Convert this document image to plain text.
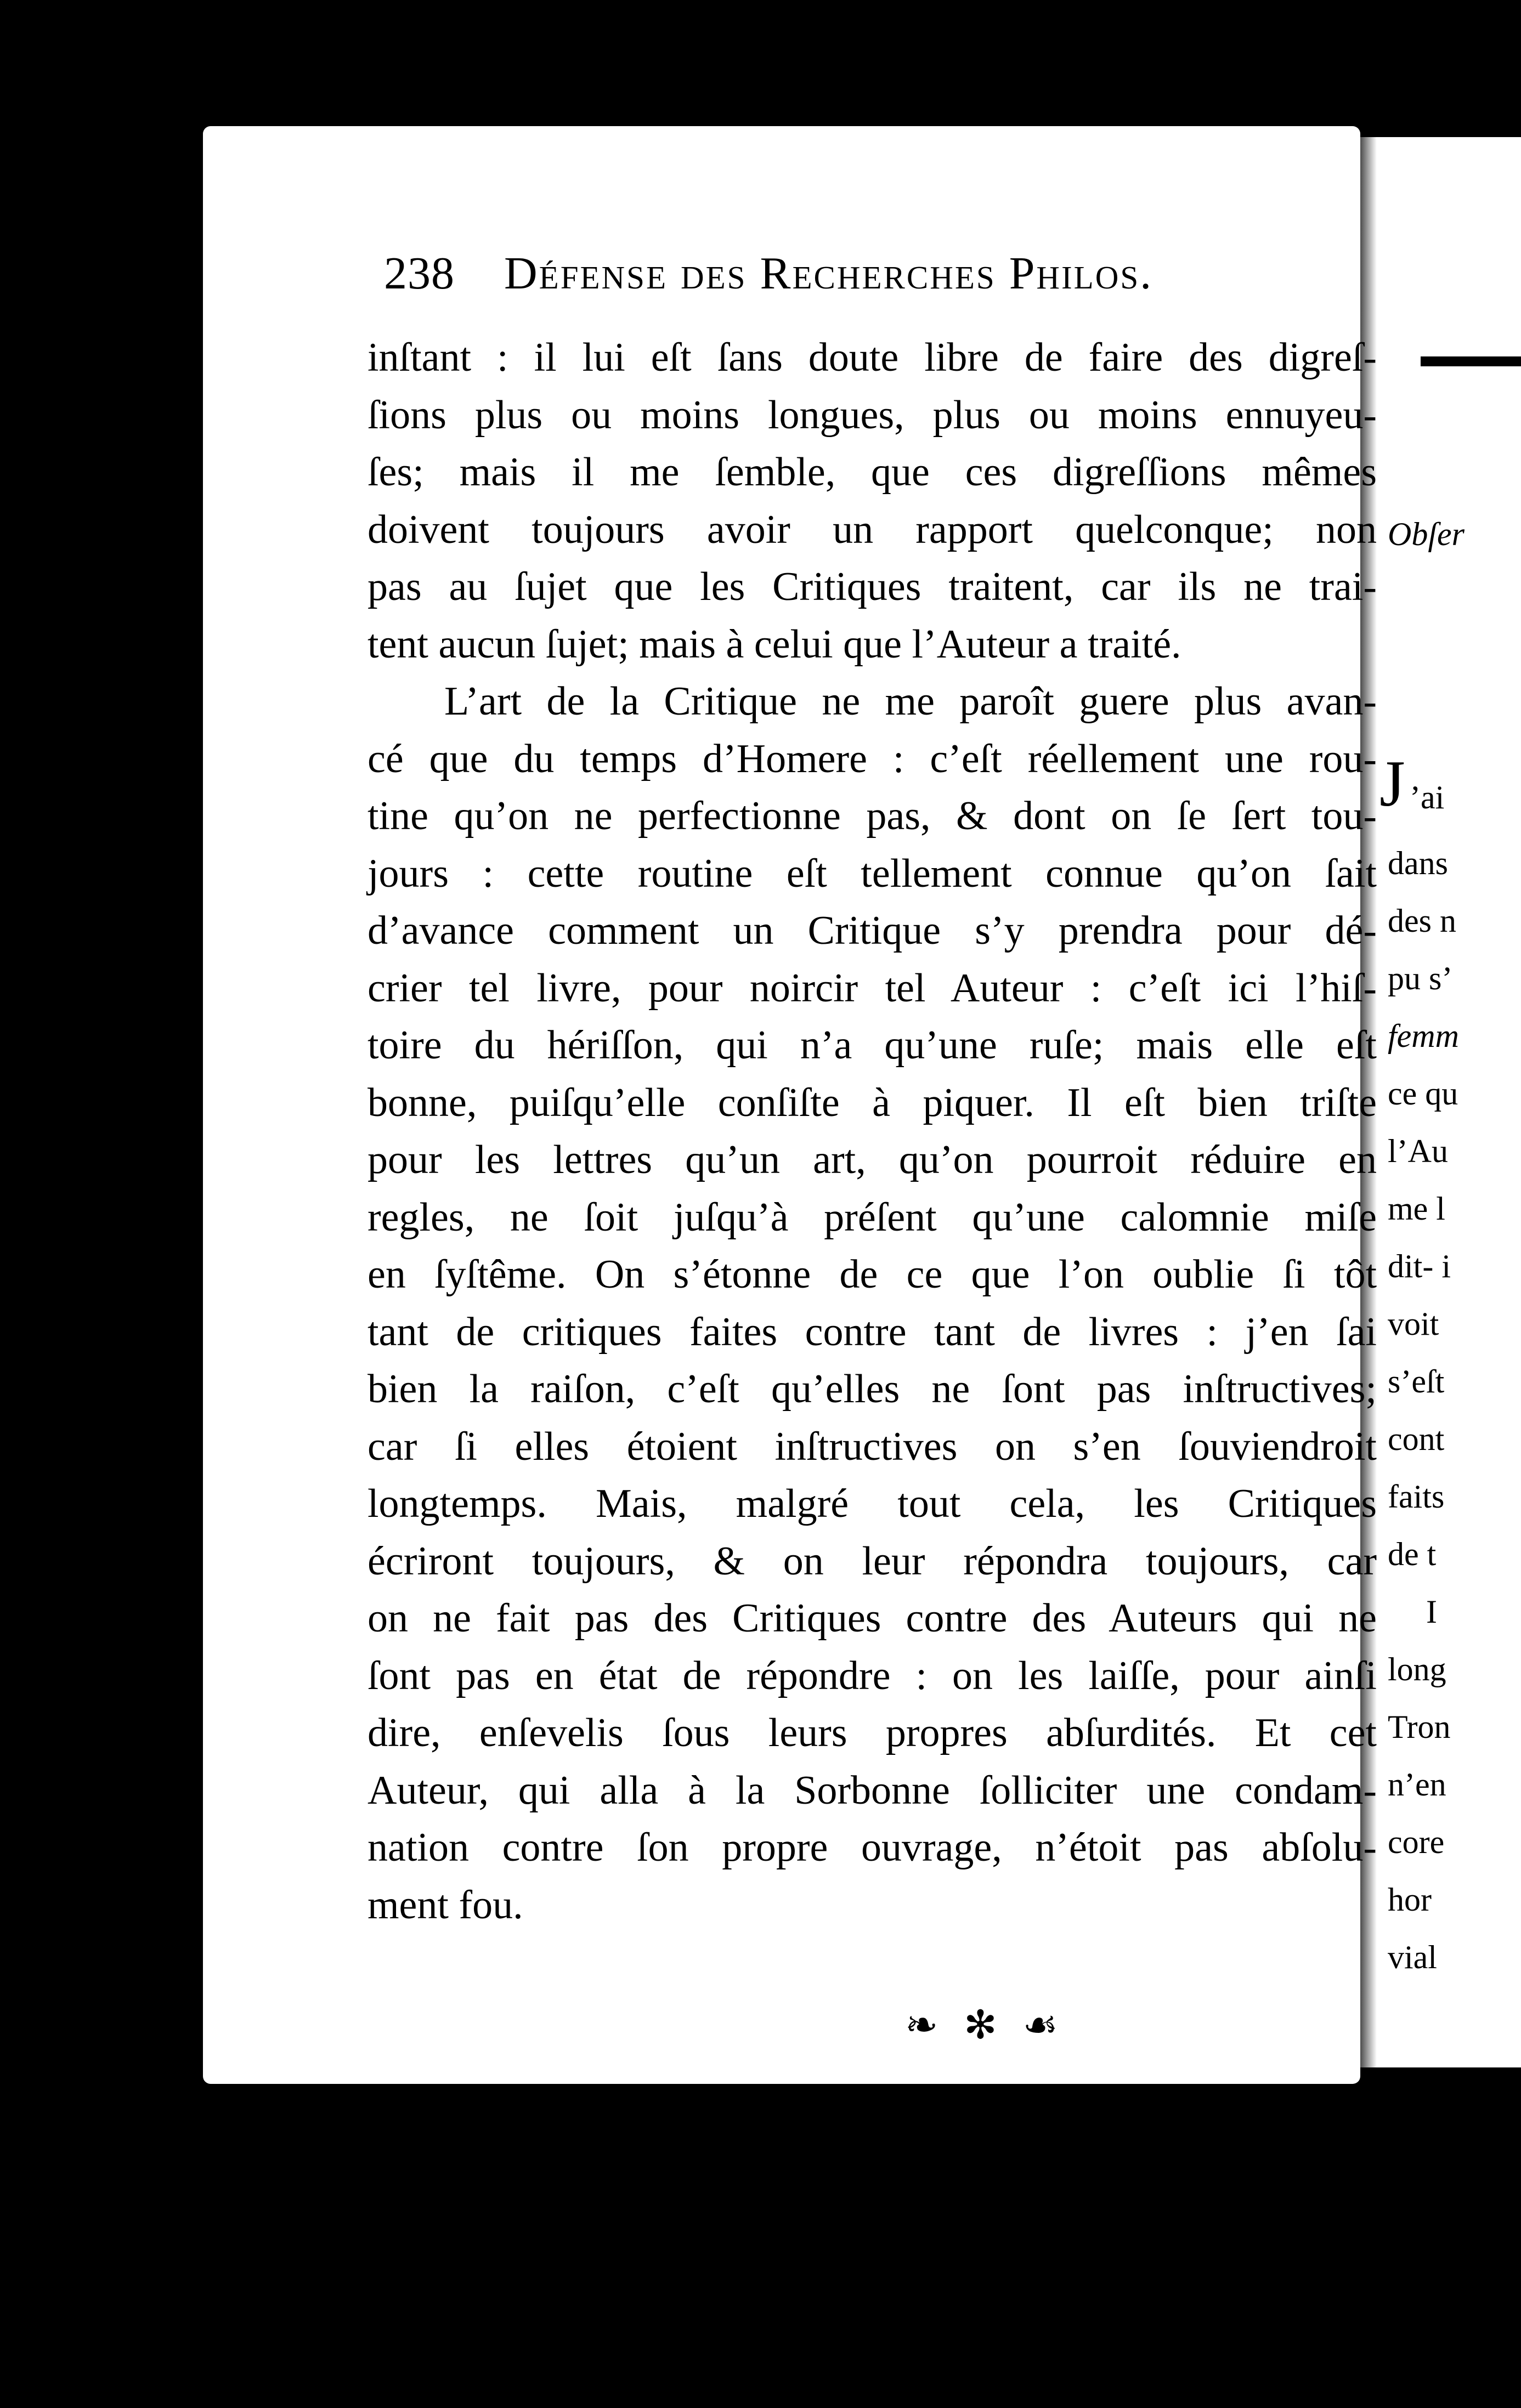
Obſer
J ’ai
dans
des n
pu s’
femm
ce qu
l’Au
me l
dit- i
voit
s’eſt
cont
faits
de t
I
long
Tron
n’en
core
hor
vial
238 Défense des Recherches Philos.
inſtant : il lui eſt ſans doute libre de faire des digreſ-
ſions plus ou moins longues, plus ou moins ennuyeu-
ſes; mais il me ſemble, que ces digreſſions mêmes
doivent toujours avoir un rapport quelconque; non
pas au ſujet que les Critiques traitent, car ils ne trai-
tent aucun ſujet; mais à celui que l’Auteur a traité.
L’art de la Critique ne me paroît guere plus avan-
cé que du temps d’Homere : c’eſt réellement une rou-
tine qu’on ne perfectionne pas, & dont on ſe ſert tou-
jours : cette routine eſt tellement connue qu’on ſait
d’avance comment un Critique s’y prendra pour dé-
crier tel livre, pour noircir tel Auteur : c’eſt ici l’hiſ-
toire du hériſſon, qui n’a qu’une ruſe; mais elle eſt
bonne, puiſqu’elle conſiſte à piquer. Il eſt bien triſte
pour les lettres qu’un art, qu’on pourroit réduire en
regles, ne ſoit juſqu’à préſent qu’une calomnie miſe
en ſyſtême. On s’étonne de ce que l’on oublie ſi tôt
tant de critiques faites contre tant de livres : j’en ſai
bien la raiſon, c’eſt qu’elles ne ſont pas inſtructives;
car ſi elles étoient inſtructives on s’en ſouviendroit
longtemps. Mais, malgré tout cela, les Critiques
écriront toujours, & on leur répondra toujours, car
on ne fait pas des Critiques contre des Auteurs qui ne
ſont pas en état de répondre : on les laiſſe, pour ainſi
dire, enſevelis ſous leurs propres abſurdités. Et cet
Auteur, qui alla à la Sorbonne ſolliciter une condam-
nation contre ſon propre ouvrage, n’étoit pas abſolu-
ment fou.
❧ ✻ ☙
